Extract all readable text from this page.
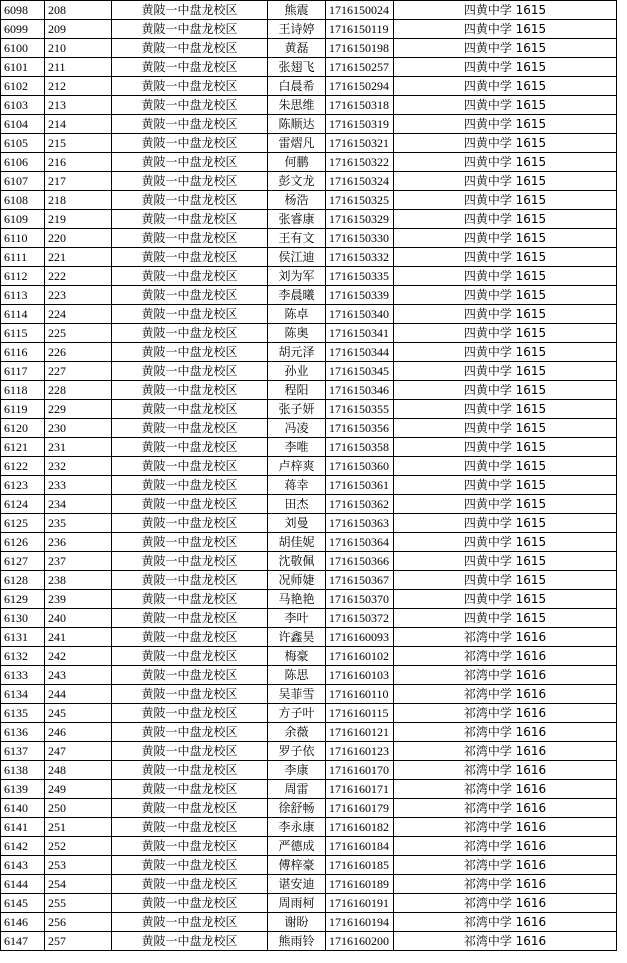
6098	208	黄陂一中盘龙校区	熊震	1716150024	四黄中学 1615
6099	209	黄陂一中盘龙校区	王诗婷	1716150119	四黄中学 1615
6100	210	黄陂一中盘龙校区	黄磊	1716150198	四黄中学 1615
6101	211	黄陂一中盘龙校区	张翅飞	1716150257	四黄中学 1615
6102	212	黄陂一中盘龙校区	白晨希	1716150294	四黄中学 1615
6103	213	黄陂一中盘龙校区	朱思维	1716150318	四黄中学 1615
6104	214	黄陂一中盘龙校区	陈顺达	1716150319	四黄中学 1615
6105	215	黄陂一中盘龙校区	雷熠凡	1716150321	四黄中学 1615
6106	216	黄陂一中盘龙校区	何鹏	1716150322	四黄中学 1615
6107	217	黄陂一中盘龙校区	彭文龙	1716150324	四黄中学 1615
6108	218	黄陂一中盘龙校区	杨浩	1716150325	四黄中学 1615
6109	219	黄陂一中盘龙校区	张睿康	1716150329	四黄中学 1615
6110	220	黄陂一中盘龙校区	王有文	1716150330	四黄中学 1615
6111	221	黄陂一中盘龙校区	侯江迪	1716150332	四黄中学 1615
6112	222	黄陂一中盘龙校区	刘为军	1716150335	四黄中学 1615
6113	223	黄陂一中盘龙校区	李晨曦	1716150339	四黄中学 1615
6114	224	黄陂一中盘龙校区	陈卓	1716150340	四黄中学 1615
6115	225	黄陂一中盘龙校区	陈奥	1716150341	四黄中学 1615
6116	226	黄陂一中盘龙校区	胡元泽	1716150344	四黄中学 1615
6117	227	黄陂一中盘龙校区	孙业	1716150345	四黄中学 1615
6118	228	黄陂一中盘龙校区	程阳	1716150346	四黄中学 1615
6119	229	黄陂一中盘龙校区	张子妍	1716150355	四黄中学 1615
6120	230	黄陂一中盘龙校区	冯凌	1716150356	四黄中学 1615
6121	231	黄陂一中盘龙校区	李唯	1716150358	四黄中学 1615
6122	232	黄陂一中盘龙校区	卢梓爽	1716150360	四黄中学 1615
6123	233	黄陂一中盘龙校区	蒋幸	1716150361	四黄中学 1615
6124	234	黄陂一中盘龙校区	田杰	1716150362	四黄中学 1615
6125	235	黄陂一中盘龙校区	刘曼	1716150363	四黄中学 1615
6126	236	黄陂一中盘龙校区	胡佳妮	1716150364	四黄中学 1615
6127	237	黄陂一中盘龙校区	沈敬佩	1716150366	四黄中学 1615
6128	238	黄陂一中盘龙校区	况师婕	1716150367	四黄中学 1615
6129	239	黄陂一中盘龙校区	马艳艳	1716150370	四黄中学 1615
6130	240	黄陂一中盘龙校区	李叶	1716150372	四黄中学 1615
6131	241	黄陂一中盘龙校区	许鑫昊	1716160093	祁湾中学 1616
6132	242	黄陂一中盘龙校区	梅豪	1716160102	祁湾中学 1616
6133	243	黄陂一中盘龙校区	陈思	1716160103	祁湾中学 1616
6134	244	黄陂一中盘龙校区	吴菲雪	1716160110	祁湾中学 1616
6135	245	黄陂一中盘龙校区	方子叶	1716160115	祁湾中学 1616
6136	246	黄陂一中盘龙校区	余薇	1716160121	祁湾中学 1616
6137	247	黄陂一中盘龙校区	罗子依	1716160123	祁湾中学 1616
6138	248	黄陂一中盘龙校区	李康	1716160170	祁湾中学 1616
6139	249	黄陂一中盘龙校区	周雷	1716160171	祁湾中学 1616
6140	250	黄陂一中盘龙校区	徐舒畅	1716160179	祁湾中学 1616
6141	251	黄陂一中盘龙校区	李永康	1716160182	祁湾中学 1616
6142	252	黄陂一中盘龙校区	严德成	1716160184	祁湾中学 1616
6143	253	黄陂一中盘龙校区	傅梓豪	1716160185	祁湾中学 1616
6144	254	黄陂一中盘龙校区	谌安迪	1716160189	祁湾中学 1616
6145	255	黄陂一中盘龙校区	周雨柯	1716160191	祁湾中学 1616
6146	256	黄陂一中盘龙校区	谢盼	1716160194	祁湾中学 1616
6147	257	黄陂一中盘龙校区	熊雨铃	1716160200	祁湾中学 1616
